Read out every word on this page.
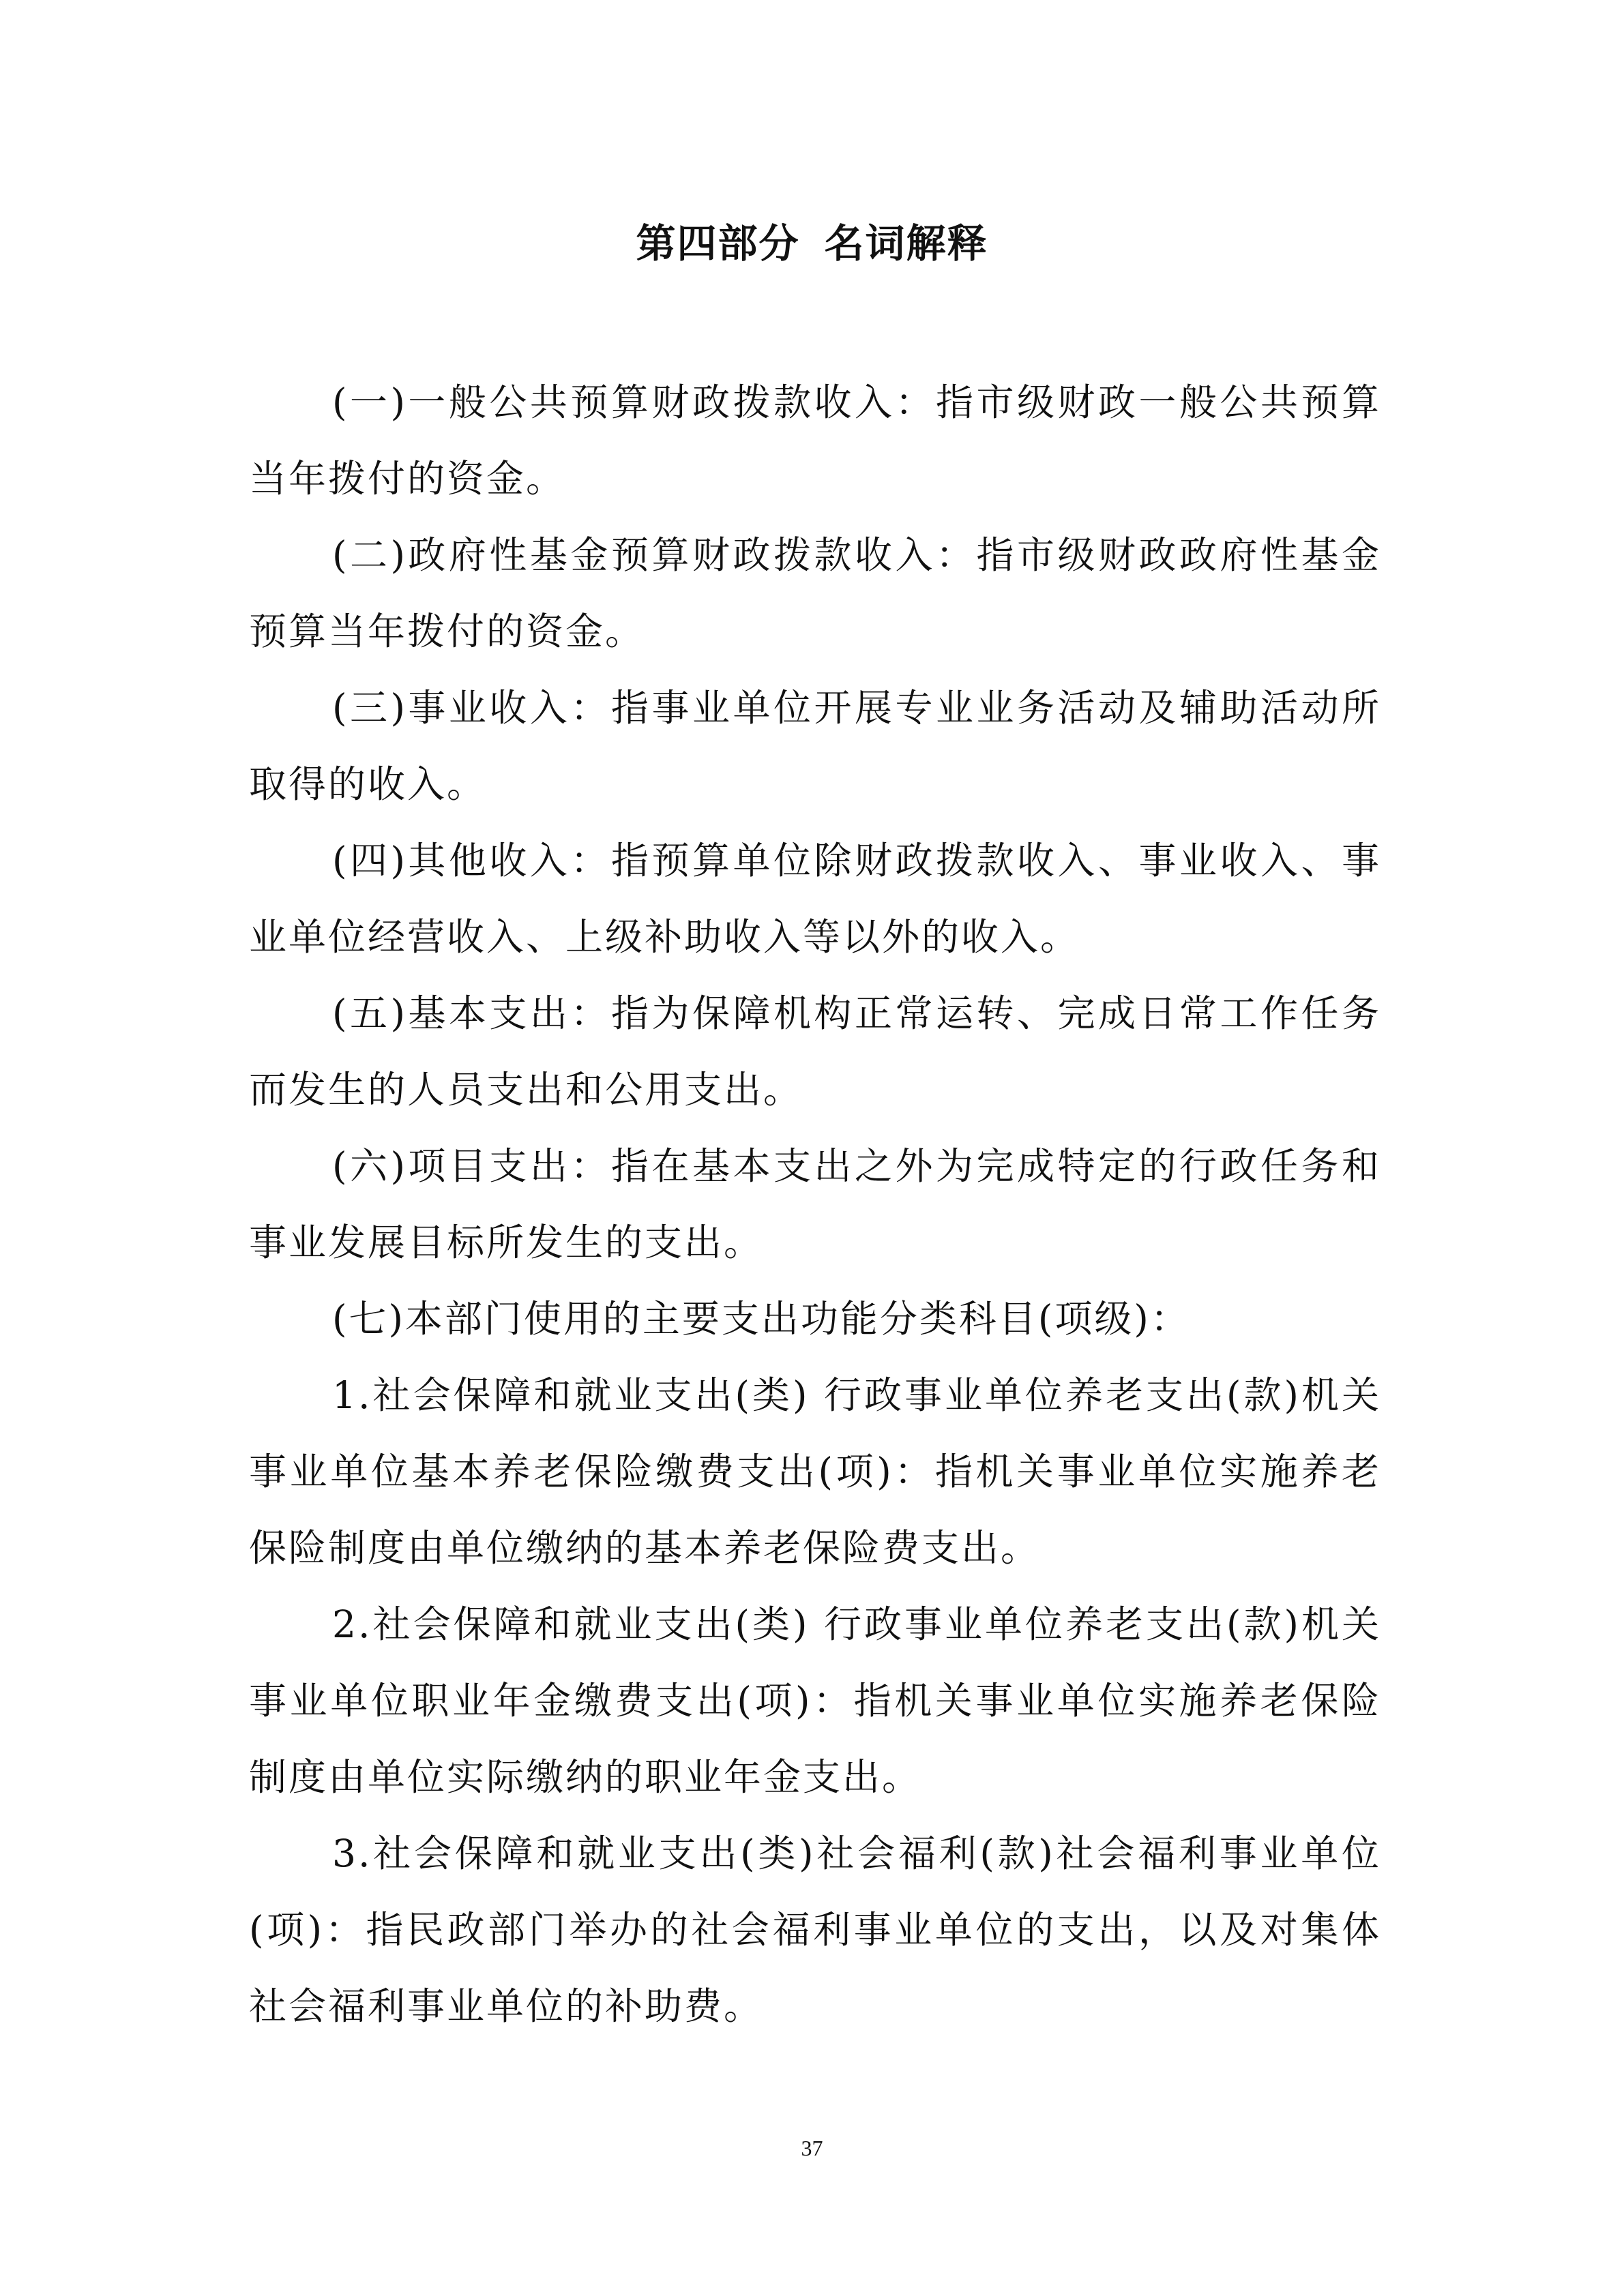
第四部分 名词解释

(一)一般公共预算财政拨款收入：指市级财政一般公共预算当年拨付的资金。

(二)政府性基金预算财政拨款收入：指市级财政政府性基金预算当年拨付的资金。

(三)事业收入：指事业单位开展专业业务活动及辅助活动所取得的收入。

(四)其他收入：指预算单位除财政拨款收入、事业收入、事业单位经营收入、上级补助收入等以外的收入。

(五)基本支出：指为保障机构正常运转、完成日常工作任务而发生的人员支出和公用支出。

(六)项目支出：指在基本支出之外为完成特定的行政任务和事业发展目标所发生的支出。

(七)本部门使用的主要支出功能分类科目(项级)：

1.社会保障和就业支出(类) 行政事业单位养老支出(款)机关事业单位基本养老保险缴费支出(项)：指机关事业单位实施养老保险制度由单位缴纳的基本养老保险费支出。

2.社会保障和就业支出(类) 行政事业单位养老支出(款)机关事业单位职业年金缴费支出(项)：指机关事业单位实施养老保险制度由单位实际缴纳的职业年金支出。

3.社会保障和就业支出(类)社会福利(款)社会福利事业单位(项)：指民政部门举办的社会福利事业单位的支出，以及对集体社会福利事业单位的补助费。

37
